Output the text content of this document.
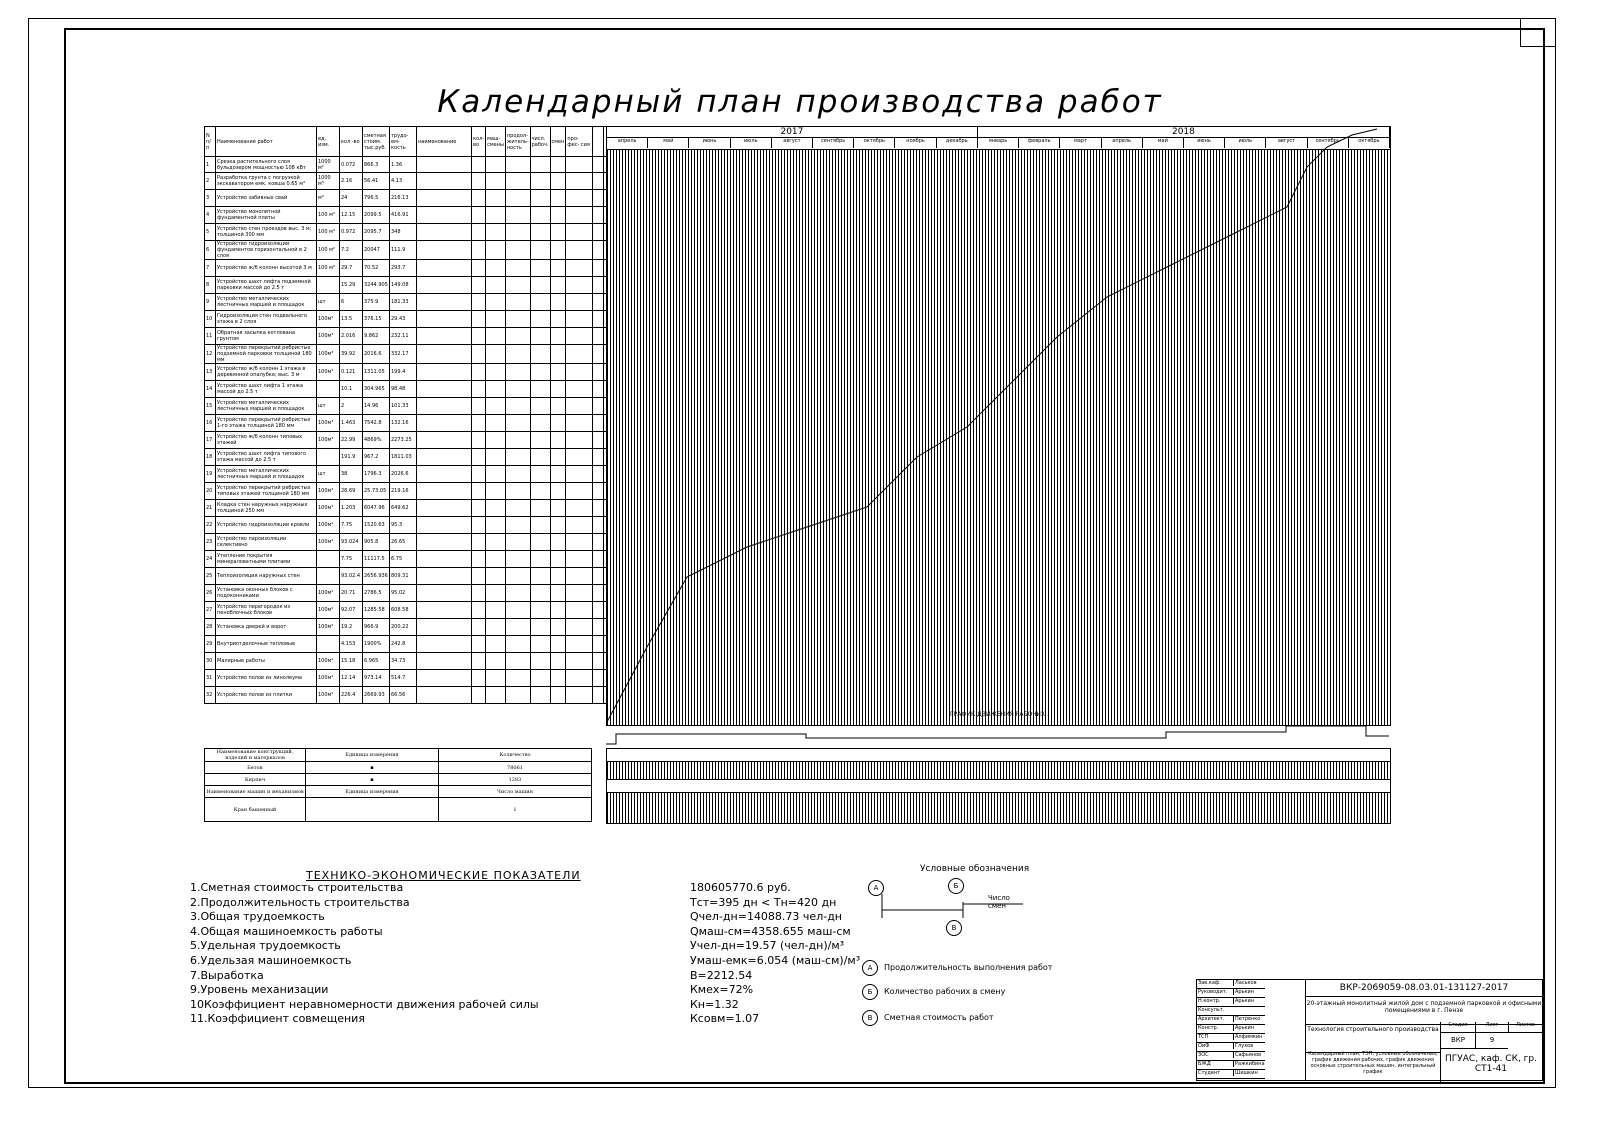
Календарный план производства работ
N п/п	Наименование работ	ед. изм.	кол -во	сметная стоим. тыс.руб.	трудо- ем- кость	наименование	кол- во	маш- смены	продол- житель- ность	числ. рабоч.	смен	про- фес- сия		
1	Срезка растительного слоя бульдозером мощностью 108 кВт	1000 м²	0.072	866.3	1.36									
2	Разработка грунта с погрузкой экскаватором емк. ковша 0.65 м³	1000 м³	2.16	56.41	4.13									
3	Устройство забивных свай	м³	24	796.5	216.13									
4	Устройство монолитной фундаментной плиты	100 м³	12.15	2099.5	416.91									
5	Устройство стен проездов выс. 3 м; толщиной 300 мм	100 м³	0.972	2095.7	348									
6	Устройство гидроизоляции фундаментов горизонтальной в 2 слоя	100 м²	7.2	20047	111.9									
7	Устройство ж/б колонн высотой 3 м	100 м³	29.7	70.52	293.7									
8	Устройство шахт лифта подземной парковки массой до 2.5 т		15.29	3244.905	149.08									
9	Устройство металлических лестничных маршей и площадок	шт	6	375.9	181.33									
10	Гидроизоляция стен подвального этажа в 2 слоя	100м²	13.5	376.15	29.43									
11	Обратная засыпка котлована грунтом	100м³	2.016	9.862	232.11									
12	Устройство перекрытий ребристых подземной парковки толщиной 180 мм	100м³	39.92	2016.6	332.17									
13	Устройство ж/б колонн 1 этажа в деревянной опалубке; выс. 3 м	100м³	0.121	1311.05	199.4									
14	Устройство шахт лифта 1 этажа массой до 2.5 т		10.1	304.965	98.48									
15	Устройство металлических лестничных маршей и площадок	шт	2	14.96	101.33									
16	Устройство перекрытий ребристых 1-го этажа толщиной 180 мм	100м³	1.463	7542.8	132.16									
17	Устройство ж/б колонн типовых этажей	100м³	22.99	4869%	2273.25									
18	Устройство шахт лифта типового этажа массой до 2.5 т		191.9	967.2	1811.03									
19	Устройство металлических лестничных маршей и площадок	шт	38	1796.3	2026.6									
20	Устройство перекрытий ребристых типовых этажей толщиной 180 мм	100м³	28.69	25.73.05	219.16									
21	Кладка стен наружных наружных толщиной 250 мм	100м³	1.203	6047.96	649.62									
22	Устройство гидроизоляции кровли	100м²	7.75	1520.63	95.3									
23	Устройство пароизоляции селективно	100м²	93.024	905.8	26.65									
24	Утепление покрытия минераловатными плитами		7.75	11117.5	6.75									
25	Теплоизоляция наружных стен		93.02.4	2656.936	809.31									
26	Установка оконных блоков с подоконниками	100м²	20.71	2786.5	95.02									
27	Устройство перегородок из пеноблочных блоков	100м²	92.07	1285.58	608.58									
28	Установка дверей и ворот	100м²	19.2	966.9	200.22									
29	Внутриотделочные тепловые		4.153	1900%	242.8									
30	Малярные работы	100м²	15.18	6.965	34.73									
31	Устройство полов из линолеума	100м²	12.14	973.14	514.7									
32	Устройство полов из плитки	100м²	226.4	2669.93	66.56									
2017	2018
апрель	май	июнь	июль	август	сентябрь	октябрь	ноябрь	декабрь	январь	февраль	март	апрель	май	июнь	июль	август	сентябрь	октябрь
ГРАФИК ДВИЖЕНИЯ РАБОЧИХ
Наименование конструкций, изделий и материалов	Единица измерения	Количество
Бетон	▪	78061
Кирпич	▪	1283
Наименование машин и механизмов	Единица измерения	Число машин
Кран башенный		1
ТЕХНИКО-ЭКОНОМИЧЕСКИЕ ПОКАЗАТЕЛИ
1.Сметная стоимость строительства	180605770.6 руб.
2.Продолжительность строительства	Тст=395 дн < Тн=420 дн
3.Общая трудоемкость	Qчел-дн=14088.73 чел-дн
4.Общая машиноемкость работы	Qмаш-см=4358.655 маш-см
5.Удельная трудоемкость	Учел-дн=19.57 (чел-дн)/м³
6.Удельзая машиноемкость	Умаш-емк=6.054 (маш-см)/м³
7.Выработка	В=2212.54
9.Уровень механизации	Кмех=72%
10Коэффициент неравномерности движения рабочей силы	Кн=1.32
11.Коэффициент совмещения	Ксовм=1.07
Условные обозначения
А	Б
В
Число смен
А	Продолжительность выполнения работ
Б	Количество рабочих в смену
В	Сметная стоимость работ
Зав.каф.	Ласьков
Руководит.	Арькин
Н.контр.	Арькин
Консульт.
Архитект.	Петренко
Констр.	Арькин
ТСП	Алфимкин
ОиФ	Глухов
ЗОС	Сафьянов
БЖД	Ражкибина
Студент	Шишкин
ВКР-2069059-08.03.01-131127-2017
20-этажный монолитный жилой дом с подземной парковкой и офисными помещениями в г. Пензе
Технология строительного производства
Стадия	Лист	Листов
ВКР	9
Календарный план, ТЭП, условные обозначения, график движения рабочих, график движения основных строительных машин, интегральный график
ПГУАС, каф. СК, гр. СТ1-41
